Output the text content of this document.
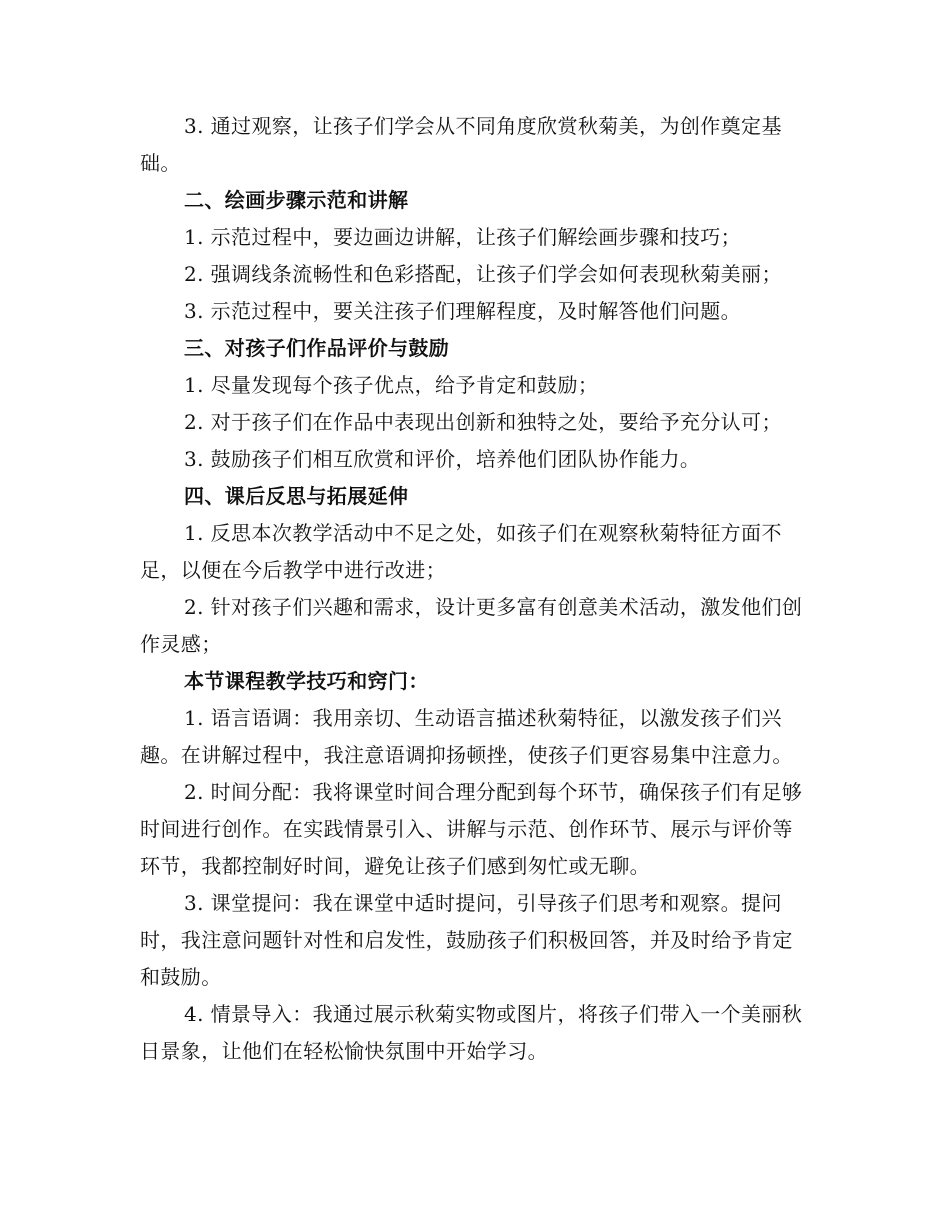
3. 通过观察，让孩子们学会从不同角度欣赏秋菊美，为创作奠定基础。

二、绘画步骤示范和讲解

1. 示范过程中，要边画边讲解，让孩子们解绘画步骤和技巧；

2. 强调线条流畅性和色彩搭配，让孩子们学会如何表现秋菊美丽；

3. 示范过程中，要关注孩子们理解程度，及时解答他们问题。

三、对孩子们作品评价与鼓励

1. 尽量发现每个孩子优点，给予肯定和鼓励；

2. 对于孩子们在作品中表现出创新和独特之处，要给予充分认可；

3. 鼓励孩子们相互欣赏和评价，培养他们团队协作能力。

四、课后反思与拓展延伸

1. 反思本次教学活动中不足之处，如孩子们在观察秋菊特征方面不足，以便在今后教学中进行改进；

2. 针对孩子们兴趣和需求，设计更多富有创意美术活动，激发他们创作灵感；

本节课程教学技巧和窍门：

1. 语言语调：我用亲切、生动语言描述秋菊特征，以激发孩子们兴趣。在讲解过程中，我注意语调抑扬顿挫，使孩子们更容易集中注意力。

2. 时间分配：我将课堂时间合理分配到每个环节，确保孩子们有足够时间进行创作。在实践情景引入、讲解与示范、创作环节、展示与评价等环节，我都控制好时间，避免让孩子们感到匆忙或无聊。

3. 课堂提问：我在课堂中适时提问，引导孩子们思考和观察。提问时，我注意问题针对性和启发性，鼓励孩子们积极回答，并及时给予肯定和鼓励。

4. 情景导入：我通过展示秋菊实物或图片，将孩子们带入一个美丽秋日景象，让他们在轻松愉快氛围中开始学习。
